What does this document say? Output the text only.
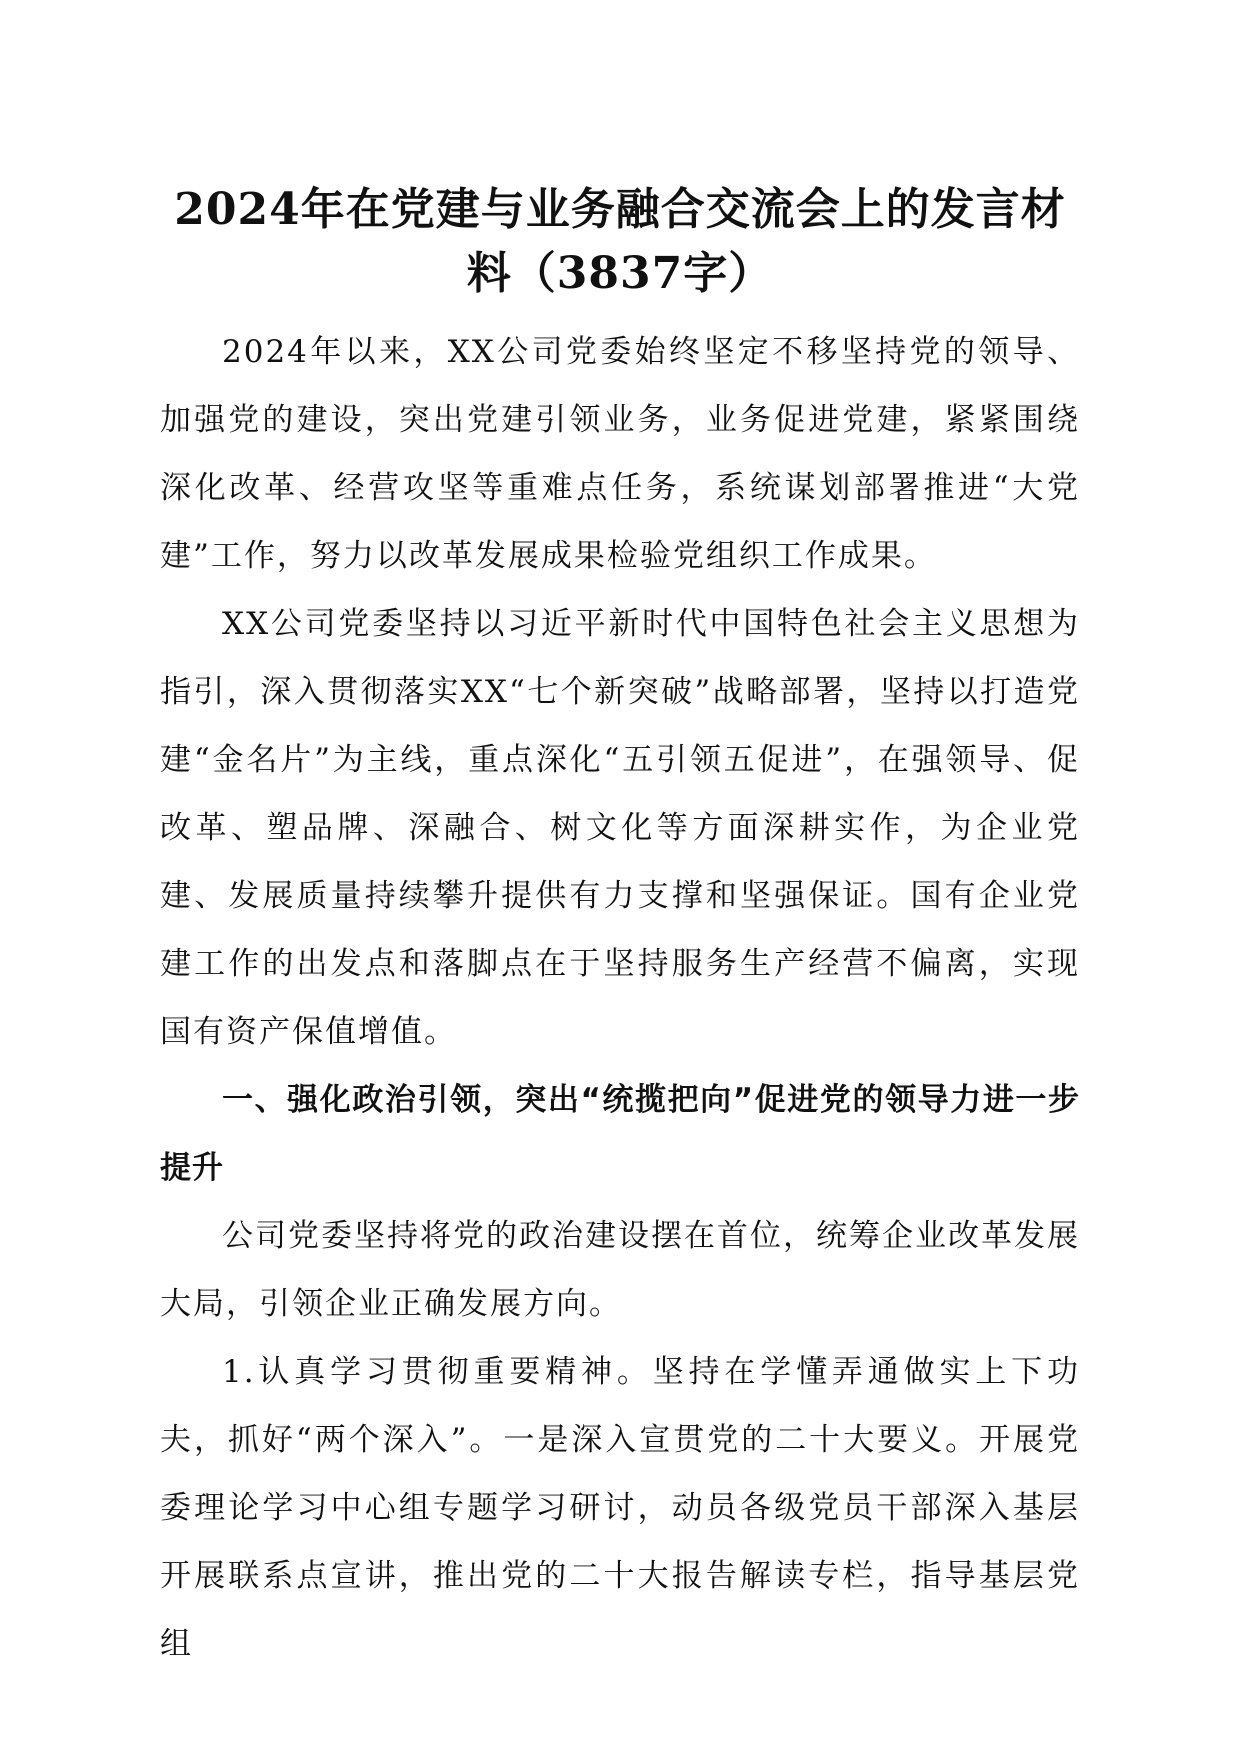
2024年在党建与业务融合交流会上的发言材料（3837字）

2024年以来，XX公司党委始终坚定不移坚持党的领导、加强党的建设，突出党建引领业务，业务促进党建，紧紧围绕深化改革、经营攻坚等重难点任务，系统谋划部署推进“大党建”工作，努力以改革发展成果检验党组织工作成果。

XX公司党委坚持以习近平新时代中国特色社会主义思想为指引，深入贯彻落实XX“七个新突破”战略部署，坚持以打造党建“金名片”为主线，重点深化“五引领五促进”，在强领导、促改革、塑品牌、深融合、树文化等方面深耕实作，为企业党建、发展质量持续攀升提供有力支撑和坚强保证。国有企业党建工作的出发点和落脚点在于坚持服务生产经营不偏离，实现国有资产保值增值。

一、强化政治引领，突出“统揽把向”促进党的领导力进一步提升

公司党委坚持将党的政治建设摆在首位，统筹企业改革发展大局，引领企业正确发展方向。

1.认真学习贯彻重要精神。坚持在学懂弄通做实上下功夫，抓好“两个深入”。一是深入宣贯党的二十大要义。开展党委理论学习中心组专题学习研讨，动员各级党员干部深入基层开展联系点宣讲，推出党的二十大报告解读专栏，指导基层党组
